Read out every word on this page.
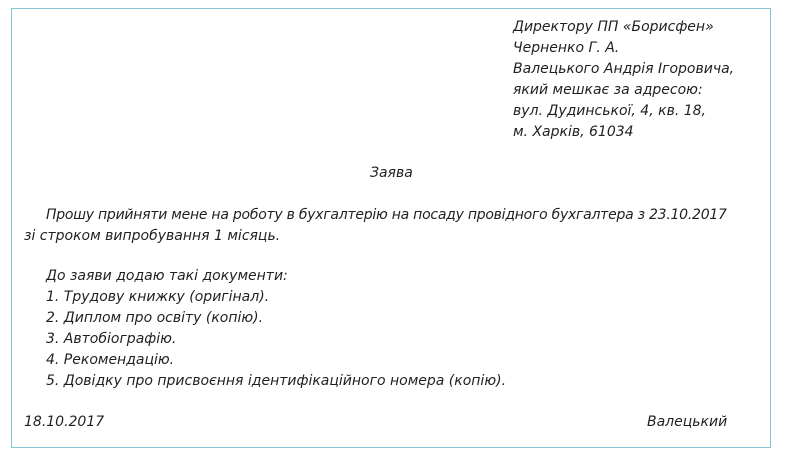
Директору ПП «Борисфен»
Черненко Г. А.
Валецького Андрія Ігоровича,
який мешкає за адресою:
вул. Дудинської, 4, кв. 18,
м. Харків, 61034
Заява
Прошу прийняти мене на роботу в бухгалтерію на посаду провідного бухгалтера з 23.10.2017
зі строком випробування 1 місяць.
До заяви додаю такі документи:
1. Трудову книжку (оригінал).
2. Диплом про освіту (копію).
3. Автобіографію.
4. Рекомендацію.
5. Довідку про присвоєння ідентифікаційного номера (копію).
18.10.2017	Валецький
